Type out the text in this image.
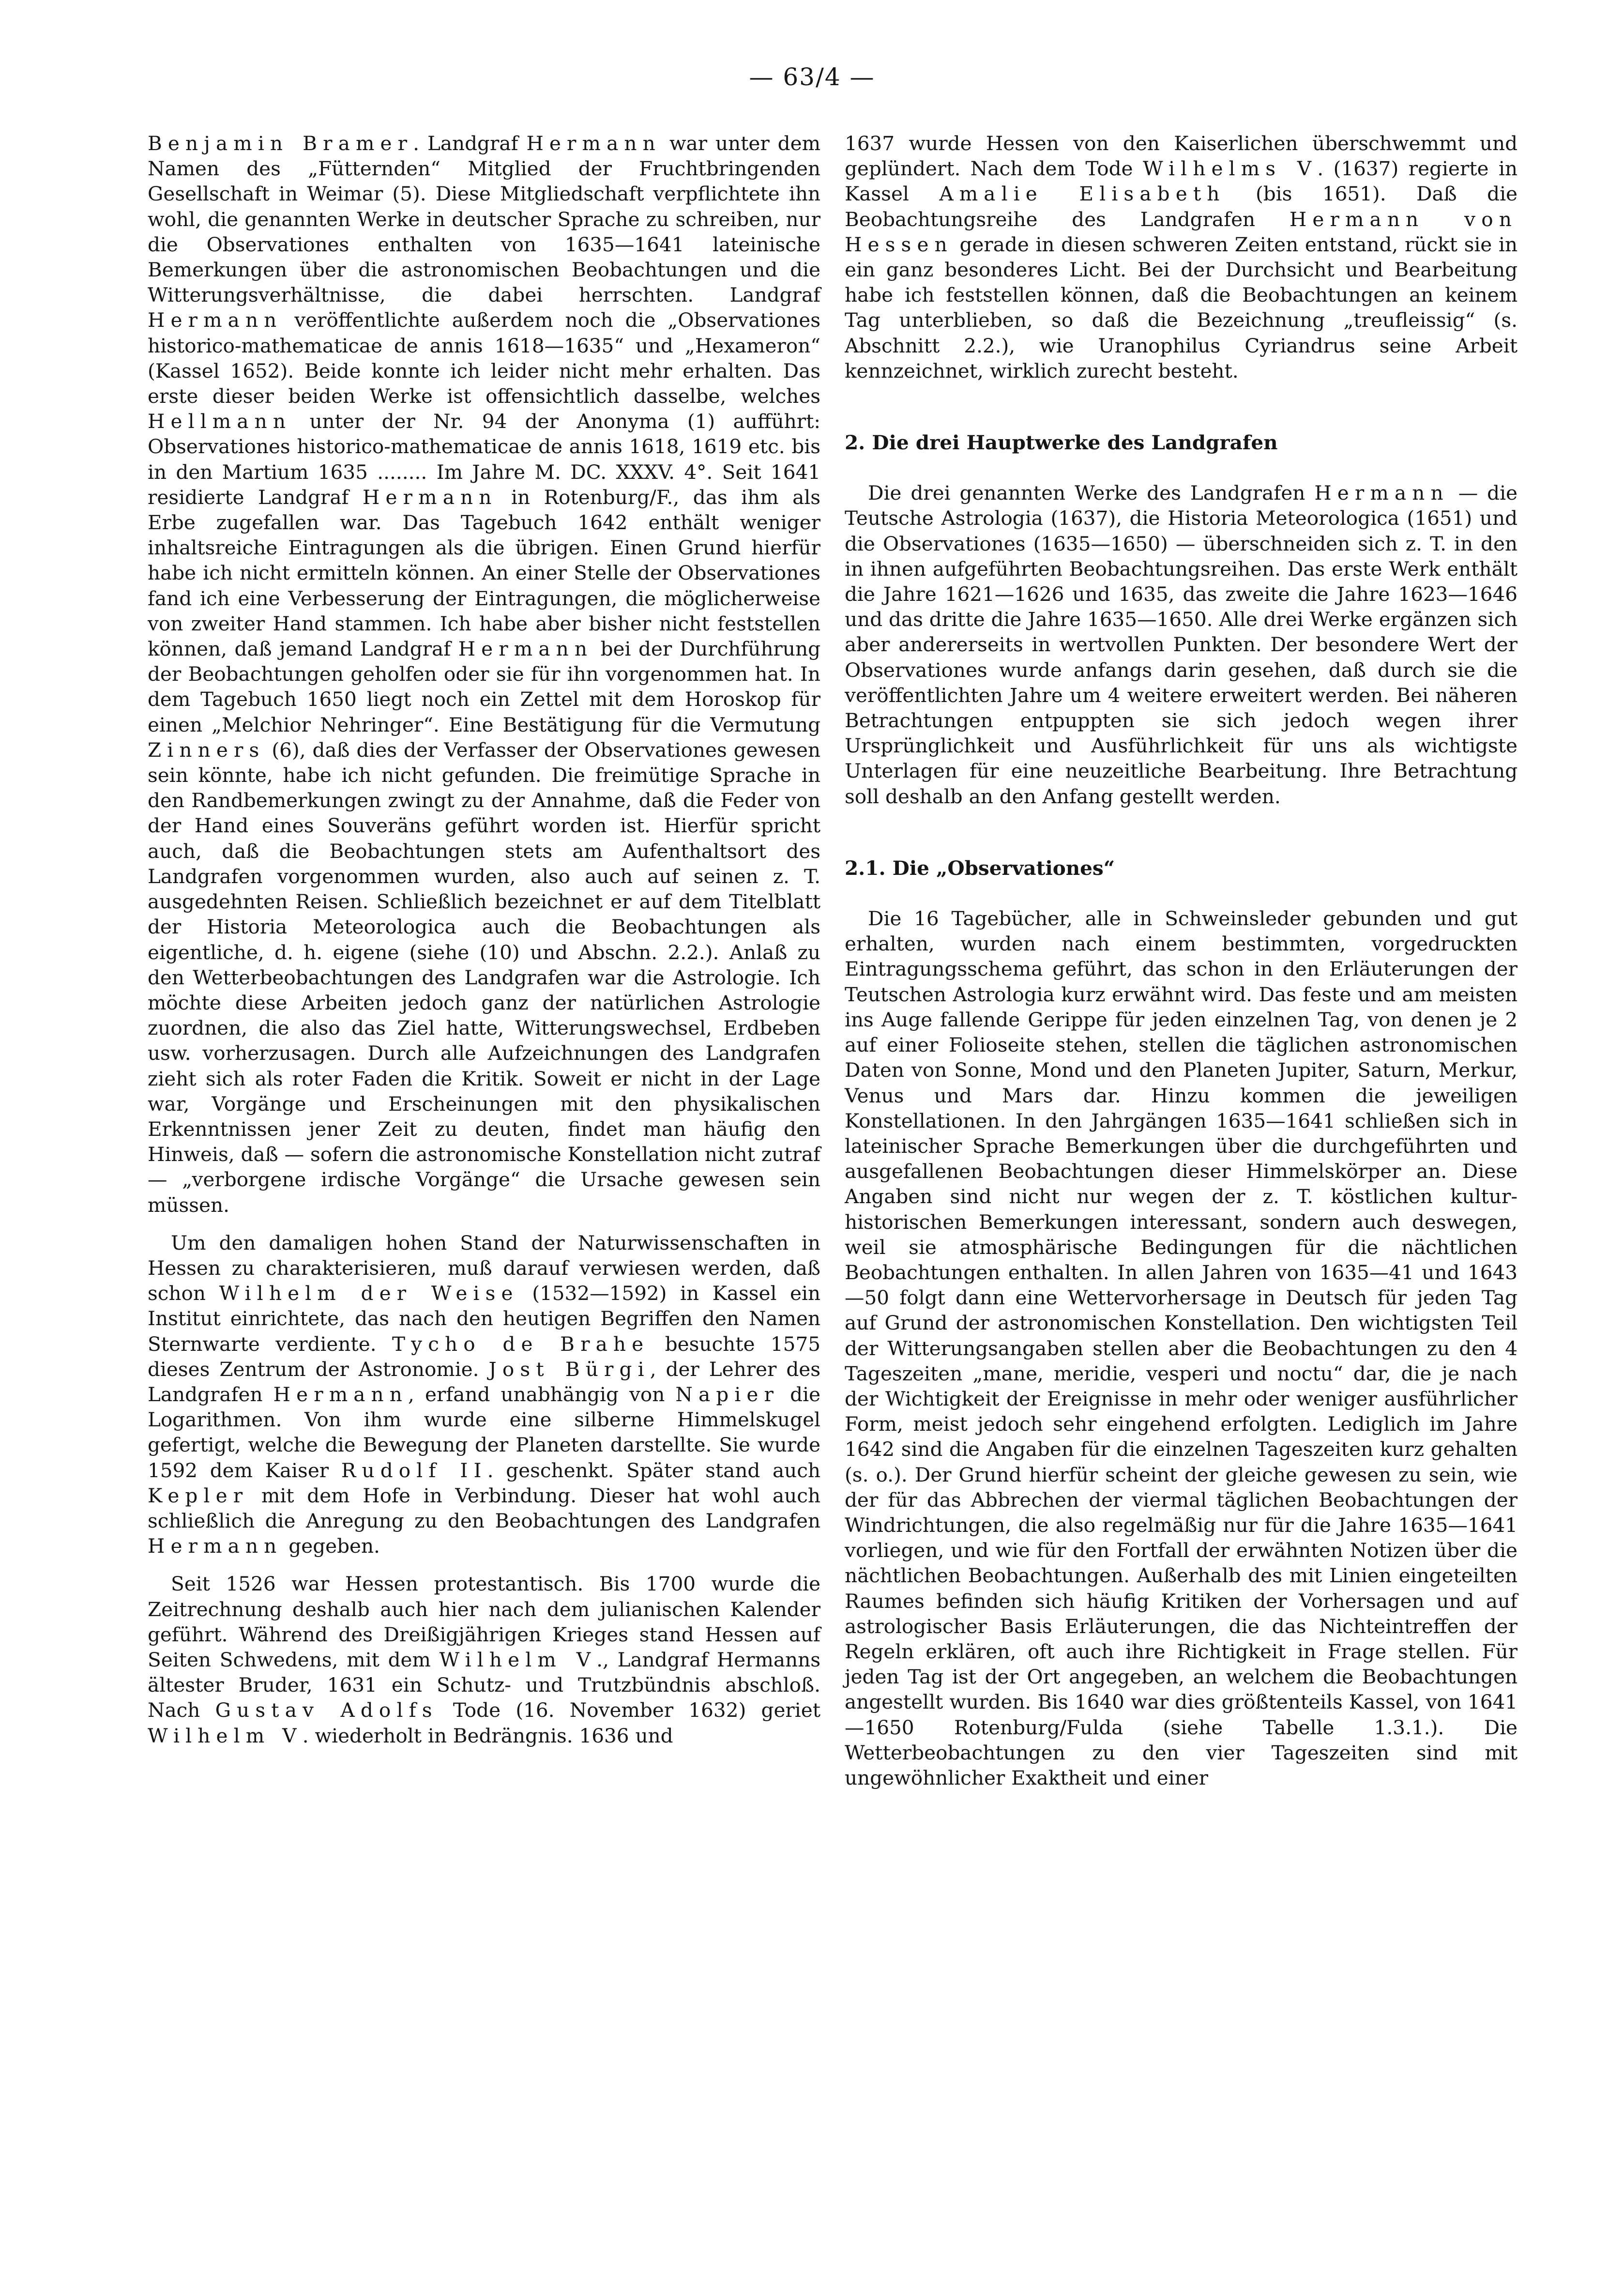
— 63/4 —

Benjamin Bramer. Landgraf Hermann war unter dem Namen des „Fütternden“ Mitglied der Fruchtbringenden Gesellschaft in Weimar (5). Diese Mitgliedschaft verpflichtete ihn wohl, die genannten Werke in deutscher Sprache zu schreiben, nur die Observationes enthalten von 1635—1641 lateinische Bemerkungen über die astronomischen Beobachtungen und die Witterungsverhältnisse, die dabei herrschten. Landgraf Hermann veröffentlichte außerdem noch die „Observationes historico-mathematicae de annis 1618—1635“ und „Hexameron“ (Kassel 1652). Beide konnte ich leider nicht mehr erhalten. Das erste dieser beiden Werke ist offensichtlich dasselbe, welches Hellmann unter der Nr. 94 der Anonyma (1) aufführt: Observationes historico-mathematicae de annis 1618, 1619 etc. bis in den Martium 1635 ........ Im Jahre M. DC. XXXV. 4°. Seit 1641 residierte Landgraf Hermann in Rotenburg/F., das ihm als Erbe zugefallen war. Das Tagebuch 1642 enthält weniger inhaltsreiche Eintragungen als die übrigen. Einen Grund hierfür habe ich nicht ermitteln können. An einer Stelle der Observationes fand ich eine Verbesserung der Eintragungen, die möglicherweise von zweiter Hand stammen. Ich habe aber bisher nicht feststellen können, daß jemand Landgraf Hermann bei der Durchführung der Beobachtungen geholfen oder sie für ihn vorgenommen hat. In dem Tagebuch 1650 liegt noch ein Zettel mit dem Horoskop für einen „Melchior Nehringer“. Eine Bestätigung für die Vermutung Zinners (6), daß dies der Verfasser der Observationes gewesen sein könnte, habe ich nicht gefunden. Die freimütige Sprache in den Randbemerkungen zwingt zu der Annahme, daß die Feder von der Hand eines Souveräns geführt worden ist. Hierfür spricht auch, daß die Beobachtungen stets am Aufenthaltsort des Landgrafen vorgenommen wurden, also auch auf seinen z. T. ausgedehnten Reisen. Schließlich bezeichnet er auf dem Titelblatt der Historia Meteorologica auch die Beobachtungen als eigentliche, d. h. eigene (siehe (10) und Abschn. 2.2.). Anlaß zu den Wetterbeobachtungen des Landgrafen war die Astrologie. Ich möchte diese Arbeiten jedoch ganz der natürlichen Astrologie zuordnen, die also das Ziel hatte, Witterungswechsel, Erdbeben usw. vorherzusagen. Durch alle Aufzeichnungen des Landgrafen zieht sich als roter Faden die Kritik. Soweit er nicht in der Lage war, Vorgänge und Erscheinungen mit den physikalischen Erkenntnissen jener Zeit zu deuten, findet man häufig den Hinweis, daß — sofern die astronomische Konstellation nicht zutraf — „verborgene irdische Vorgänge“ die Ursache gewesen sein müssen.

Um den damaligen hohen Stand der Naturwissenschaften in Hessen zu charakterisieren, muß darauf verwiesen werden, daß schon Wilhelm der Weise (1532—1592) in Kassel ein Institut einrichtete, das nach den heutigen Begriffen den Namen Sternwarte verdiente. Tycho de Brahe besuchte 1575 dieses Zentrum der Astronomie. Jost Bürgi, der Lehrer des Landgrafen Hermann, erfand unabhängig von Napier die Logarithmen. Von ihm wurde eine silberne Himmelskugel gefertigt, welche die Bewegung der Planeten darstellte. Sie wurde 1592 dem Kaiser Rudolf II. geschenkt. Später stand auch Kepler mit dem Hofe in Verbindung. Dieser hat wohl auch schließlich die Anregung zu den Beobachtungen des Landgrafen Hermann gegeben.

Seit 1526 war Hessen protestantisch. Bis 1700 wurde die Zeitrechnung deshalb auch hier nach dem julianischen Kalender geführt. Während des Dreißigjährigen Krieges stand Hessen auf Seiten Schwedens, mit dem Wilhelm V., Landgraf Hermanns ältester Bruder, 1631 ein Schutz- und Trutzbündnis abschloß. Nach Gustav Adolfs Tode (16. November 1632) geriet Wilhelm V. wiederholt in Bedrängnis. 1636 und

1637 wurde Hessen von den Kaiserlichen überschwemmt und geplündert. Nach dem Tode Wilhelms V. (1637) regierte in Kassel Amalie Elisabeth (bis 1651). Daß die Beobachtungsreihe des Landgrafen Hermann von Hessen gerade in diesen schweren Zeiten entstand, rückt sie in ein ganz besonderes Licht. Bei der Durchsicht und Bearbeitung habe ich feststellen können, daß die Beobachtungen an keinem Tag unterblieben, so daß die Bezeichnung „treufleissig“ (s. Abschnitt 2.2.), wie Uranophilus Cyriandrus seine Arbeit kennzeichnet, wirklich zurecht besteht.

2. Die drei Hauptwerke des Landgrafen

Die drei genannten Werke des Landgrafen Hermann — die Teutsche Astrologia (1637), die Historia Meteorologica (1651) und die Observationes (1635—1650) — überschneiden sich z. T. in den in ihnen aufgeführten Beobachtungsreihen. Das erste Werk enthält die Jahre 1621—1626 und 1635, das zweite die Jahre 1623—1646 und das dritte die Jahre 1635—1650. Alle drei Werke ergänzen sich aber andererseits in wertvollen Punkten. Der besondere Wert der Observationes wurde anfangs darin gesehen, daß durch sie die veröffentlichten Jahre um 4 weitere erweitert werden. Bei näheren Betrachtungen entpuppten sie sich jedoch wegen ihrer Ursprünglichkeit und Ausführlichkeit für uns als wichtigste Unterlagen für eine neuzeitliche Bearbeitung. Ihre Betrachtung soll deshalb an den Anfang gestellt werden.

2.1. Die „Observationes“

Die 16 Tagebücher, alle in Schweinsleder gebunden und gut erhalten, wurden nach einem bestimmten, vorgedruckten Eintragungsschema geführt, das schon in den Erläuterungen der Teutschen Astrologia kurz erwähnt wird. Das feste und am meisten ins Auge fallende Gerippe für jeden einzelnen Tag, von denen je 2 auf einer Folioseite stehen, stellen die täglichen astronomischen Daten von Sonne, Mond und den Planeten Jupiter, Saturn, Merkur, Venus und Mars dar. Hinzu kommen die jeweiligen Konstellationen. In den Jahrgängen 1635—1641 schließen sich in lateinischer Sprache Bemerkungen über die durchgeführten und ausgefallenen Beobachtungen dieser Himmelskörper an. Diese Angaben sind nicht nur wegen der z. T. köstlichen kultur-historischen Bemerkungen interessant, sondern auch deswegen, weil sie atmosphärische Bedingungen für die nächtlichen Beobachtungen enthalten. In allen Jahren von 1635—41 und 1643—50 folgt dann eine Wettervorhersage in Deutsch für jeden Tag auf Grund der astronomischen Konstellation. Den wichtigsten Teil der Witterungsangaben stellen aber die Beobachtungen zu den 4 Tageszeiten „mane, meridie, vesperi und noctu“ dar, die je nach der Wichtigkeit der Ereignisse in mehr oder weniger ausführlicher Form, meist jedoch sehr eingehend erfolgten. Lediglich im Jahre 1642 sind die Angaben für die einzelnen Tageszeiten kurz gehalten (s. o.). Der Grund hierfür scheint der gleiche gewesen zu sein, wie der für das Abbrechen der viermal täglichen Beobachtungen der Windrichtungen, die also regelmäßig nur für die Jahre 1635—1641 vorliegen, und wie für den Fortfall der erwähnten Notizen über die nächtlichen Beobachtungen. Außerhalb des mit Linien eingeteilten Raumes befinden sich häufig Kritiken der Vorhersagen und auf astrologischer Basis Erläuterungen, die das Nichteintreffen der Regeln erklären, oft auch ihre Richtigkeit in Frage stellen. Für jeden Tag ist der Ort angegeben, an welchem die Beobachtungen angestellt wurden. Bis 1640 war dies größtenteils Kassel, von 1641—1650 Rotenburg/Fulda (siehe Tabelle 1.3.1.). Die Wetterbeobachtungen zu den vier Tageszeiten sind mit ungewöhnlicher Exaktheit und einer
